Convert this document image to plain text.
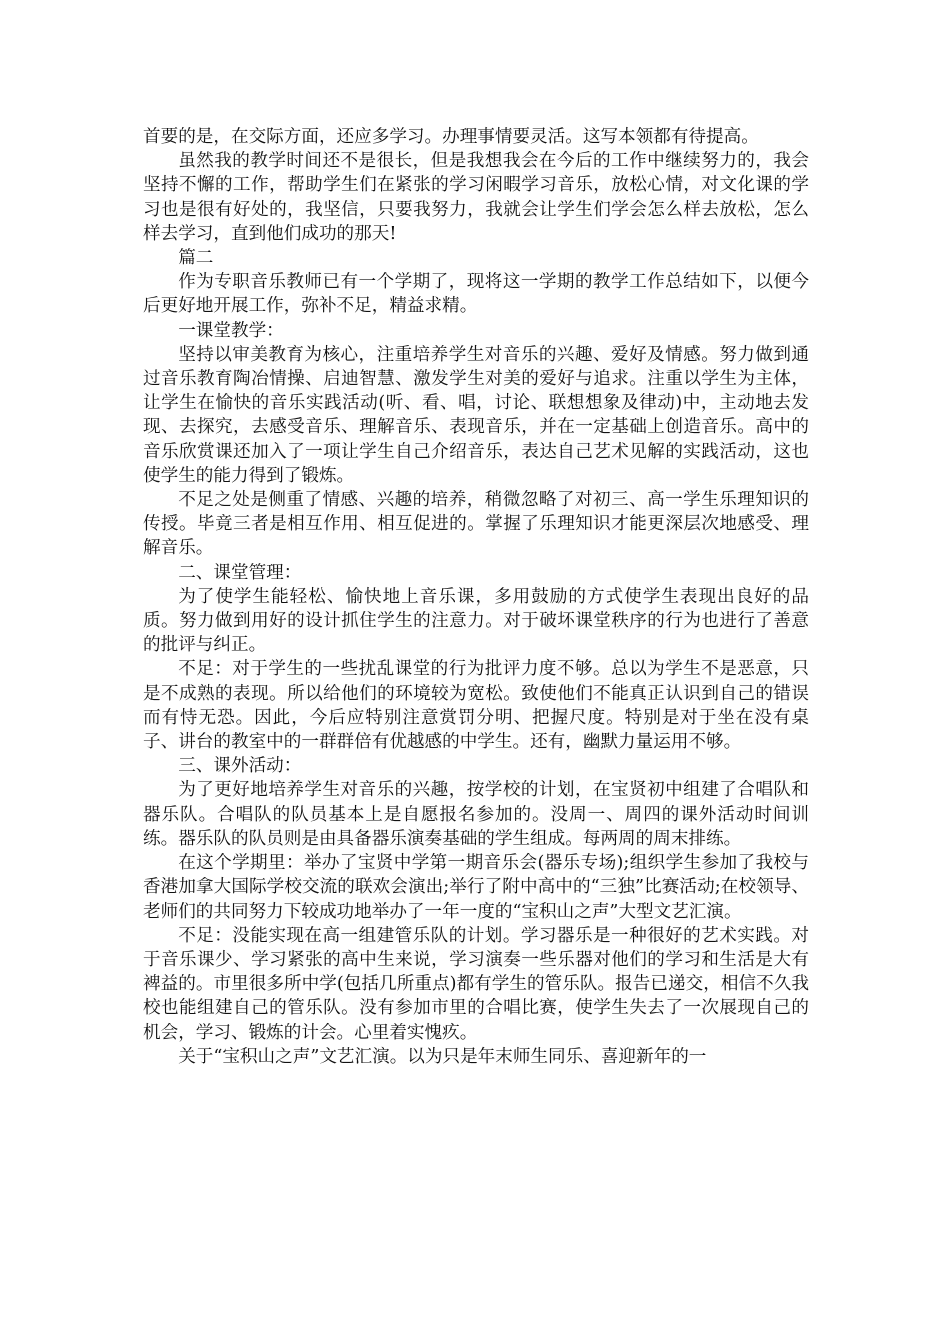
首要的是，在交际方面，还应多学习。办理事情要灵活。这写本领都有待提高。

虽然我的教学时间还不是很长，但是我想我会在今后的工作中继续努力的，我会坚持不懈的工作，帮助学生们在紧张的学习闲暇学习音乐，放松心情，对文化课的学习也是很有好处的，我坚信，只要我努力，我就会让学生们学会怎么样去放松，怎么样去学习，直到他们成功的那天!

篇二

作为专职音乐教师已有一个学期了，现将这一学期的教学工作总结如下，以便今后更好地开展工作，弥补不足，精益求精。

一课堂教学：

坚持以审美教育为核心，注重培养学生对音乐的兴趣、爱好及情感。努力做到通过音乐教育陶冶情操、启迪智慧、激发学生对美的爱好与追求。注重以学生为主体，让学生在愉快的音乐实践活动(听、看、唱，讨论、联想想象及律动)中，主动地去发现、去探究，去感受音乐、理解音乐、表现音乐，并在一定基础上创造音乐。高中的音乐欣赏课还加入了一项让学生自己介绍音乐，表达自己艺术见解的实践活动，这也使学生的能力得到了锻炼。

不足之处是侧重了情感、兴趣的培养，稍微忽略了对初三、高一学生乐理知识的传授。毕竟三者是相互作用、相互促进的。掌握了乐理知识才能更深层次地感受、理解音乐。

二、课堂管理：

为了使学生能轻松、愉快地上音乐课，多用鼓励的方式使学生表现出良好的品质。努力做到用好的设计抓住学生的注意力。对于破坏课堂秩序的行为也进行了善意的批评与纠正。

不足：对于学生的一些扰乱课堂的行为批评力度不够。总以为学生不是恶意，只是不成熟的表现。所以给他们的环境较为宽松。致使他们不能真正认识到自己的错误而有恃无恐。因此，今后应特别注意赏罚分明、把握尺度。特别是对于坐在没有桌子、讲台的教室中的一群群倍有优越感的中学生。还有，幽默力量运用不够。

三、课外活动：

为了更好地培养学生对音乐的兴趣，按学校的计划，在宝贤初中组建了合唱队和器乐队。合唱队的队员基本上是自愿报名参加的。没周一、周四的课外活动时间训练。器乐队的队员则是由具备器乐演奏基础的学生组成。每两周的周末排练。

在这个学期里：举办了宝贤中学第一期音乐会(器乐专场);组织学生参加了我校与香港加拿大国际学校交流的联欢会演出;举行了附中高中的“三独”比赛活动;在校领导、老师们的共同努力下较成功地举办了一年一度的“宝积山之声”大型文艺汇演。

不足：没能实现在高一组建管乐队的计划。学习器乐是一种很好的艺术实践。对于音乐课少、学习紧张的高中生来说，学习演奏一些乐器对他们的学习和生活是大有裨益的。市里很多所中学(包括几所重点)都有学生的管乐队。报告已递交，相信不久我校也能组建自己的管乐队。没有参加市里的合唱比赛，使学生失去了一次展现自己的机会，学习、锻炼的计会。心里着实愧疚。

关于“宝积山之声”文艺汇演。以为只是年末师生同乐、喜迎新年的一
